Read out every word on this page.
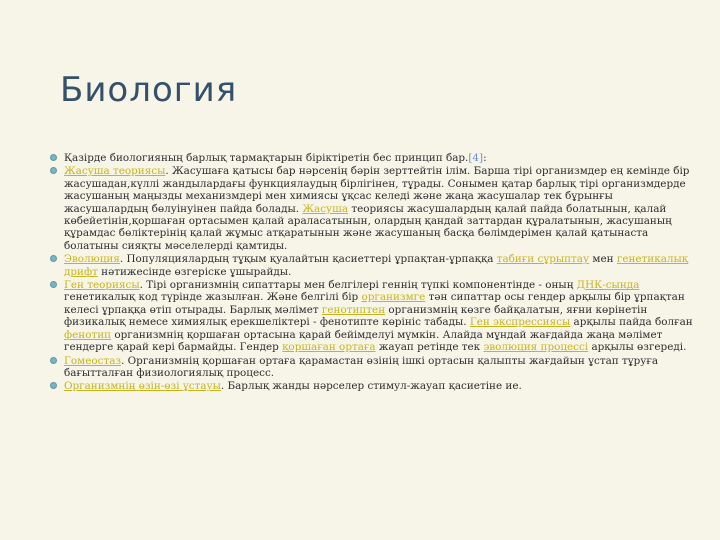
Биология
Қазірде биологияның барлық тармақтарын біріктіретін бес принцип бар.[4]:
Жасуша теориясы. Жасушаға қатысы бар нәрсенің бәрін зерттейтін ілім. Барша тірі организмдер ең кемінде бір жасушадан,күллі жандылардағы функциялаудың бірлігінен, тұрады. Сонымен қатар барлық тірі организмдерде жасушаның маңызды механизмдері мен химиясы ұқсас келеді және жаңа жасушалар тек бұрынғы жасушалардың бөлуінуінен пайда болады. Жасуша теориясы жасушалардың қалай пайда болатынын, қалай көбейетінін,қоршаған ортасымен қалай араласатынын, олардың қандай заттардан құралатынын, жасушаның құрамдас бөліктерінің қалай жұмыс атқаратынын және жасушаның басқа бөлімдерімен қалай қатынаста болатыны сияқты мәселелерді қамтиды.
Эволюция. Популяциялардың тұқым қуалайтын қасиеттері ұрпақтан-ұрпаққа табиғи сұрыптау мен генетикалық дрифт нәтижесінде өзгеріске ұшырайды.
Ген теориясы. Тірі организмнің сипаттары мен белгілері геннің түпкі компонентінде - оның ДНК-сында генетикалық код түрінде жазылған. Және белгілі бір организмге тән сипаттар осы гендер арқылы бір ұрпақтан келесі ұрпаққа өтіп отырады. Барлық мәлімет генотиптен организмнің көзге байқалатын, яғни көрінетін физикалық немесе химиялық ерекшеліктері - фенотипте көрініс табады. Ген экспрессиясы арқылы пайда болған фенотип организмнің қоршаған ортасына қарай бейімделуі мүмкін. Алайда мұндай жағдайда жаңа мәлімет гендерге қарай кері бармайды. Гендер қоршаған ортаға жауап ретінде тек эволюция процессі арқылы өзгереді.
Гомеостаз. Организмнің қоршаған ортаға қарамастан өзінің ішкі ортасын қалыпты жағдайын ұстап тұруға бағытталған физиологиялық процесс.
Организмнің өзін-өзі ұстауы. Барлық жанды нәрселер стимул-жауап қасиетіне ие.
